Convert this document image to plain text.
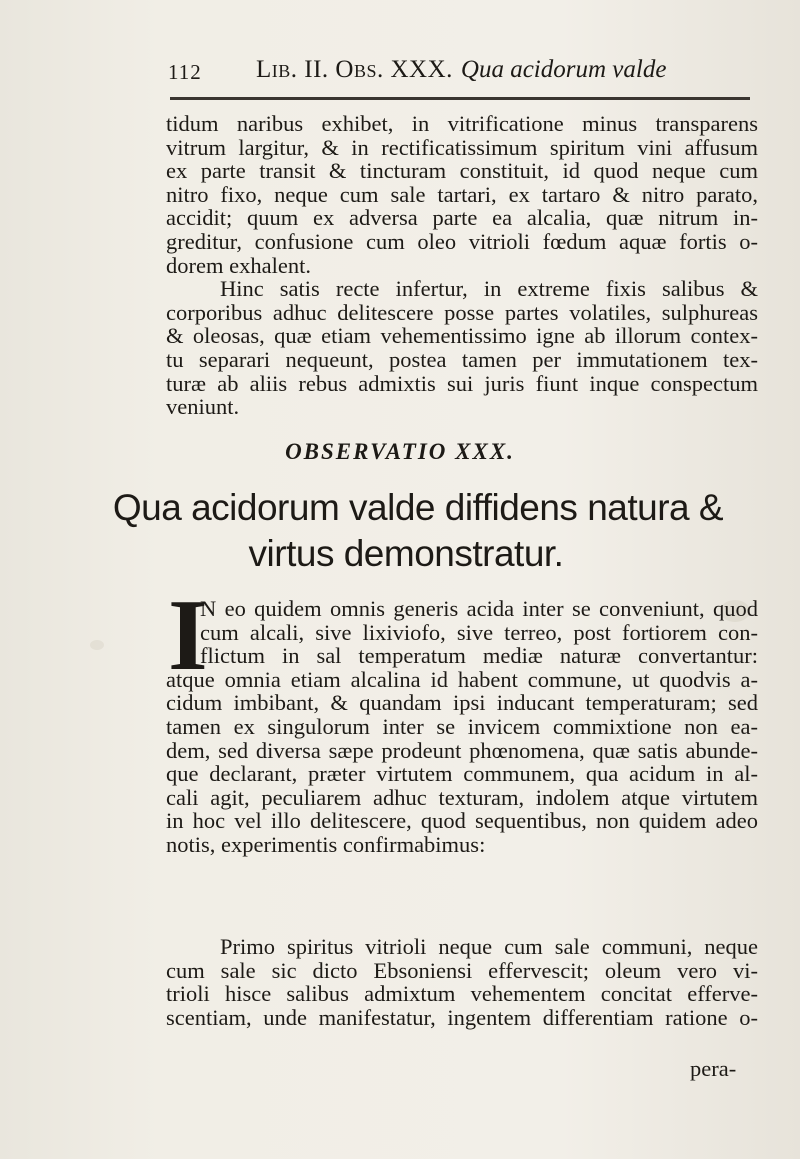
112 Lib. II. Obs. XXX. Qua acidorum valde
tidum naribus exhibet, in vitrificatione minus transparens
vitrum largitur, & in rectificatissimum spiritum vini affusum
ex parte transit & tincturam constituit, id quod neque cum
nitro fixo, neque cum sale tartari, ex tartaro & nitro parato,
accidit; quum ex adversa parte ea alcalia, quæ nitrum in-
greditur, confusione cum oleo vitrioli fœdum aquæ fortis o-
dorem exhalent.
Hinc satis recte infertur, in extreme fixis salibus &
corporibus adhuc delitescere posse partes volatiles, sulphureas
& oleosas, quæ etiam vehementissimo igne ab illorum contex-
tu separari nequeunt, postea tamen per immutationem tex-
turæ ab aliis rebus admixtis sui juris fiunt inque conspectum
veniunt.
OBSERVATIO XXX.
Qua acidorum valde diffidens natura &
virtus demonstratur.
I
N eo quidem omnis generis acida inter se conveniunt, quod
cum alcali, sive lixiviofo, sive terreo, post fortiorem con-
flictum in sal temperatum mediæ naturæ convertantur:
atque omnia etiam alcalina id habent commune, ut quodvis a-
cidum imbibant, & quandam ipsi inducant temperaturam; sed
tamen ex singulorum inter se invicem commixtione non ea-
dem, sed diversa sæpe prodeunt phœnomena, quæ satis abunde-
que declarant, præter virtutem communem, qua acidum in al-
cali agit, peculiarem adhuc texturam, indolem atque virtutem
in hoc vel illo delitescere, quod sequentibus, non quidem adeo
notis, experimentis confirmabimus:
Primo spiritus vitrioli neque cum sale communi, neque
cum sale sic dicto Ebsoniensi effervescit; oleum vero vi-
trioli hisce salibus admixtum vehementem concitat efferve-
scentiam, unde manifestatur, ingentem differentiam ratione o-
pera-
